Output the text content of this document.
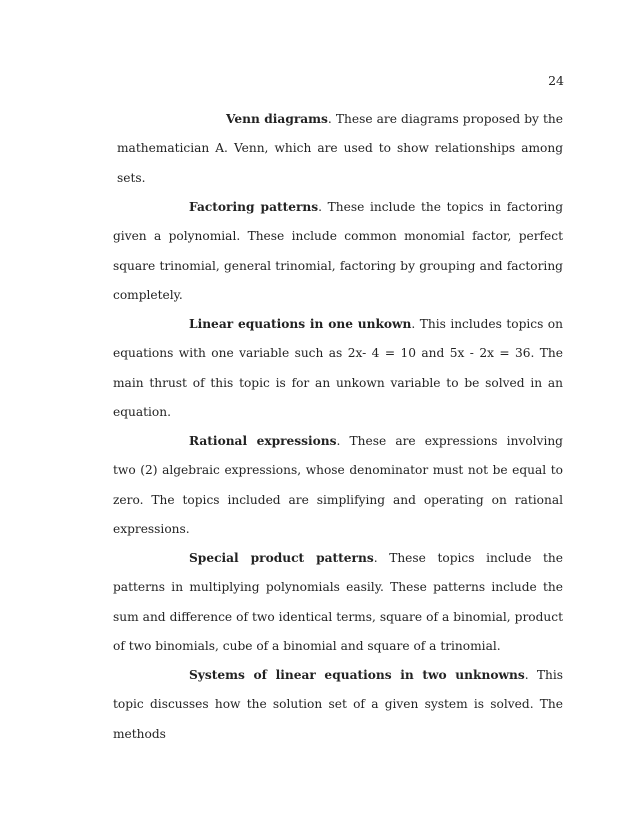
24

Venn diagrams. These are diagrams proposed by the mathematician A. Venn, which are used to show relationships among sets.

Factoring patterns. These include the topics in factoring given a polynomial. These include common monomial factor, perfect square trinomial, general trinomial, factoring by grouping and factoring completely.

Linear equations in one unkown. This includes topics on equations with one variable such as 2x- 4 = 10 and 5x - 2x = 36. The main thrust of this topic is for an unkown variable to be solved in an equation.

Rational expressions. These are expressions involving two (2) algebraic expressions, whose denominator must not be equal to zero. The topics included are simplifying and operating on rational expressions.

Special product patterns. These topics include the patterns in multiplying polynomials easily. These patterns include the sum and difference of two identical terms, square of a binomial, product of two binomials, cube of a binomial and square of a trinomial.

Systems of linear equations in two unknowns. This topic discusses how the solution set of a given system is solved. The methods
